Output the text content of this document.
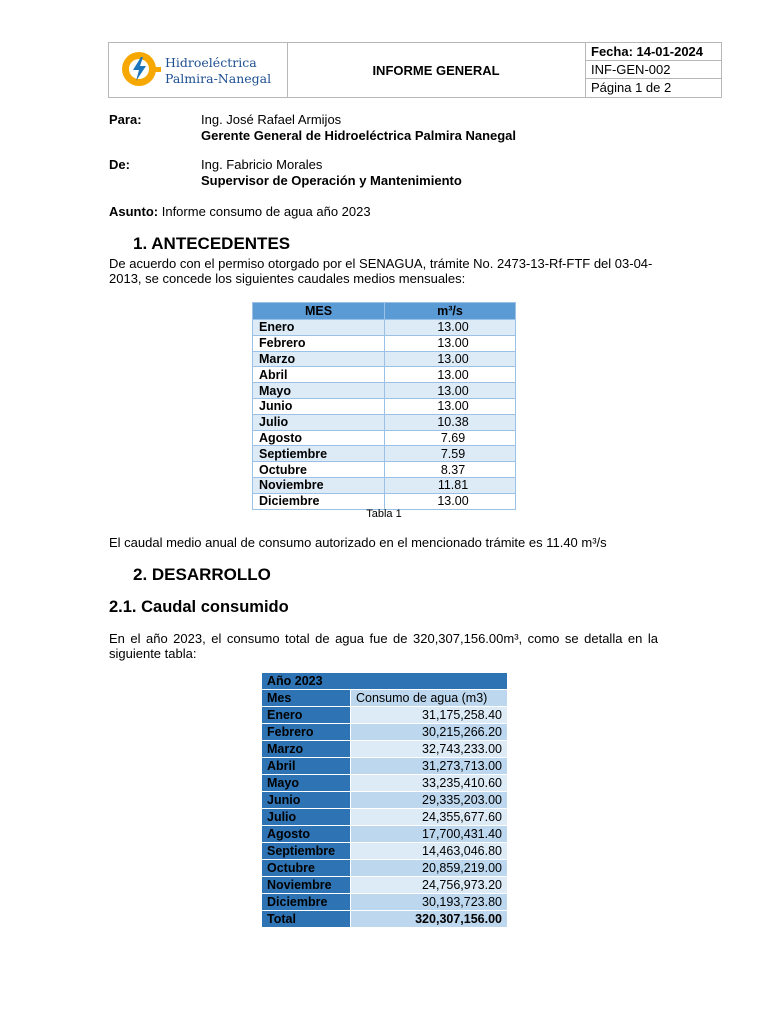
Hidroeléctrica
Palmira-Nanegal
INFORME GENERAL
Fecha: 14-01-2024
INF-GEN-002
Página 1 de 2
Para:	Ing. José Rafael Armijos
Gerente General de Hidroeléctrica Palmira Nanegal
De:	Ing. Fabricio Morales
Supervisor de Operación y Mantenimiento
Asunto: Informe consumo de agua año 2023
1. ANTECEDENTES

De acuerdo con el permiso otorgado por el SENAGUA, trámite No. 2473-13-Rf-FTF del 03-04-

2013, se concede los siguientes caudales medios mensuales:

MES	m³/s
Enero	13.00
Febrero	13.00
Marzo	13.00
Abril	13.00
Mayo	13.00
Junio	13.00
Julio	10.38
Agosto	7.69
Septiembre	7.59
Octubre	8.37
Noviembre	11.81
Diciembre	13.00
Tabla 1

El caudal medio anual de consumo autorizado en el mencionado trámite es 11.40 m³/s

2. DESARROLLO
2.1. Caudal consumido

En el año 2023, el consumo total de agua fue de 320,307,156.00m³, como se detalla en la

siguiente tabla:

Año 2023	
Mes	Consumo de agua (m3)
Enero	31,175,258.40
Febrero	30,215,266.20
Marzo	32,743,233.00
Abril	31,273,713.00
Mayo	33,235,410.60
Junio	29,335,203.00
Julio	24,355,677.60
Agosto	17,700,431.40
Septiembre	14,463,046.80
Octubre	20,859,219.00
Noviembre	24,756,973.20
Diciembre	30,193,723.80
Total	320,307,156.00
